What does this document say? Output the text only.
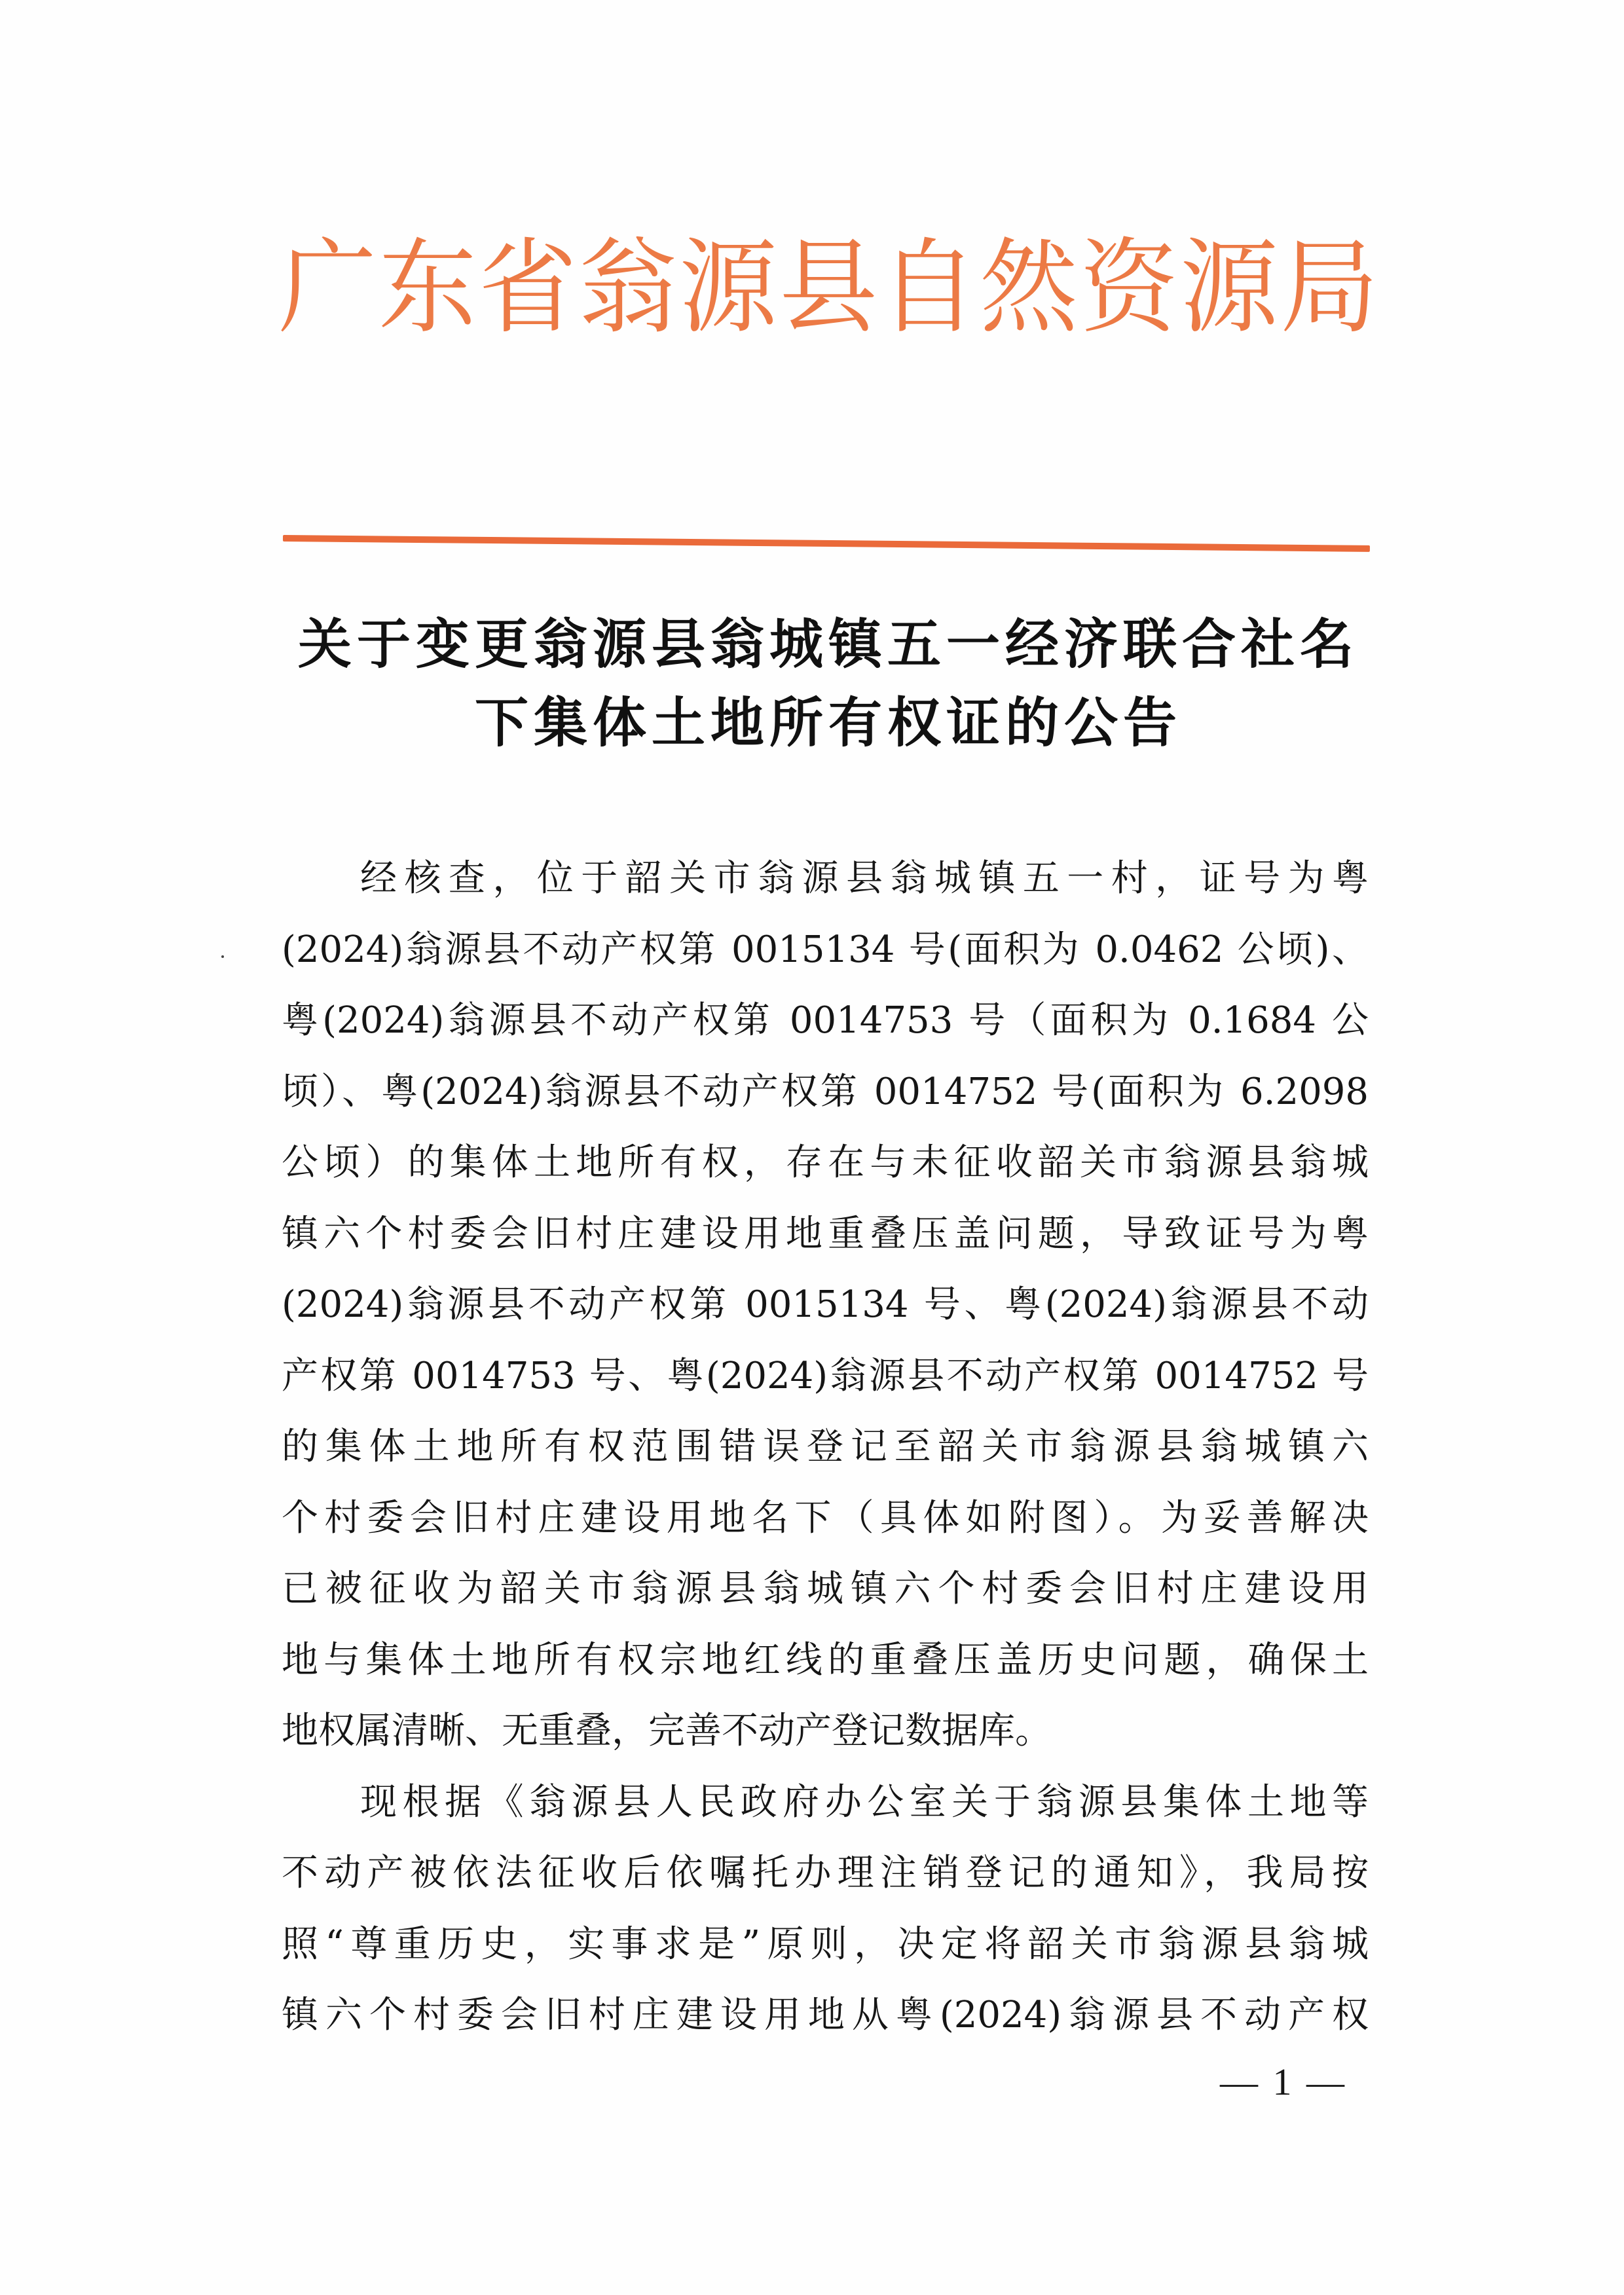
广 东 省 翁 源 县 自 然 资 源 局
关于变更翁源县翁城镇五一经济联合社名
下集体土地所有权证的公告
经核查，位于韶关市翁源县翁城镇五一村，证号为粤
(2024)翁源县不动产权第 0015134 号(面积为 0.0462 公顷)、
粤(2024)翁源县不动产权第 0014753 号（面积为 0.1684 公
顷）、粤(2024)翁源县不动产权第 0014752 号(面积为 6.2098
公顷）的集体土地所有权，存在与未征收韶关市翁源县翁城
镇六个村委会旧村庄建设用地重叠压盖问题，导致证号为粤
(2024)翁源县不动产权第 0015134 号、粤(2024)翁源县不动
产权第 0014753 号、粤(2024)翁源县不动产权第 0014752 号
的集体土地所有权范围错误登记至韶关市翁源县翁城镇六
个村委会旧村庄建设用地名下（具体如附图）。为妥善解决
已被征收为韶关市翁源县翁城镇六个村委会旧村庄建设用
地与集体土地所有权宗地红线的重叠压盖历史问题，确保土
地权属清晰、无重叠，完善不动产登记数据库。
现根据《翁源县人民政府办公室关于翁源县集体土地等
不动产被依法征收后依嘱托办理注销登记的通知》，我局按
照“尊重历史，实事求是”原则，决定将韶关市翁源县翁城
镇六个村委会旧村庄建设用地从粤(2024)翁源县不动产权
— 1 —
